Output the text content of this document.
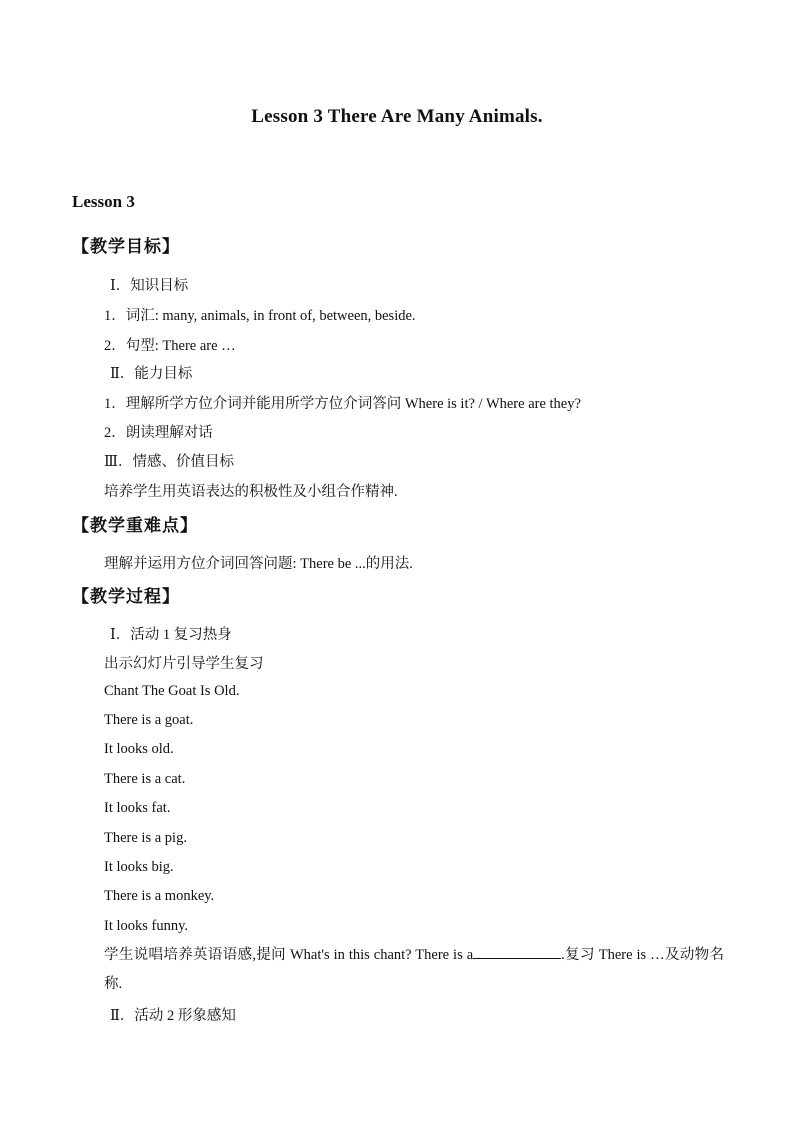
Lesson 3 There Are Many Animals.
Lesson 3
【教学目标】
Ⅰ．知识目标
1．词汇: many, animals, in front of, between, beside.
2．句型: There are …
Ⅱ．能力目标
1．理解所学方位介词并能用所学方位介词答问 Where is it? / Where are they?
2．朗读理解对话
Ⅲ．情感、价值目标
培养学生用英语表达的积极性及小组合作精神.
【教学重难点】
理解并运用方位介词回答问题: There be ...的用法.
【教学过程】
Ⅰ．活动 1 复习热身
出示幻灯片引导学生复习
Chant The Goat Is Old.
There is a goat.
It looks old.
There is a cat.
It looks fat.
There is a pig.
It looks big.
There is a monkey.
It looks funny.
学生说唱培养英语语感,提问 What's in this chant? There is a	.复习 There is …及动物名称.
Ⅱ．活动 2 形象感知
